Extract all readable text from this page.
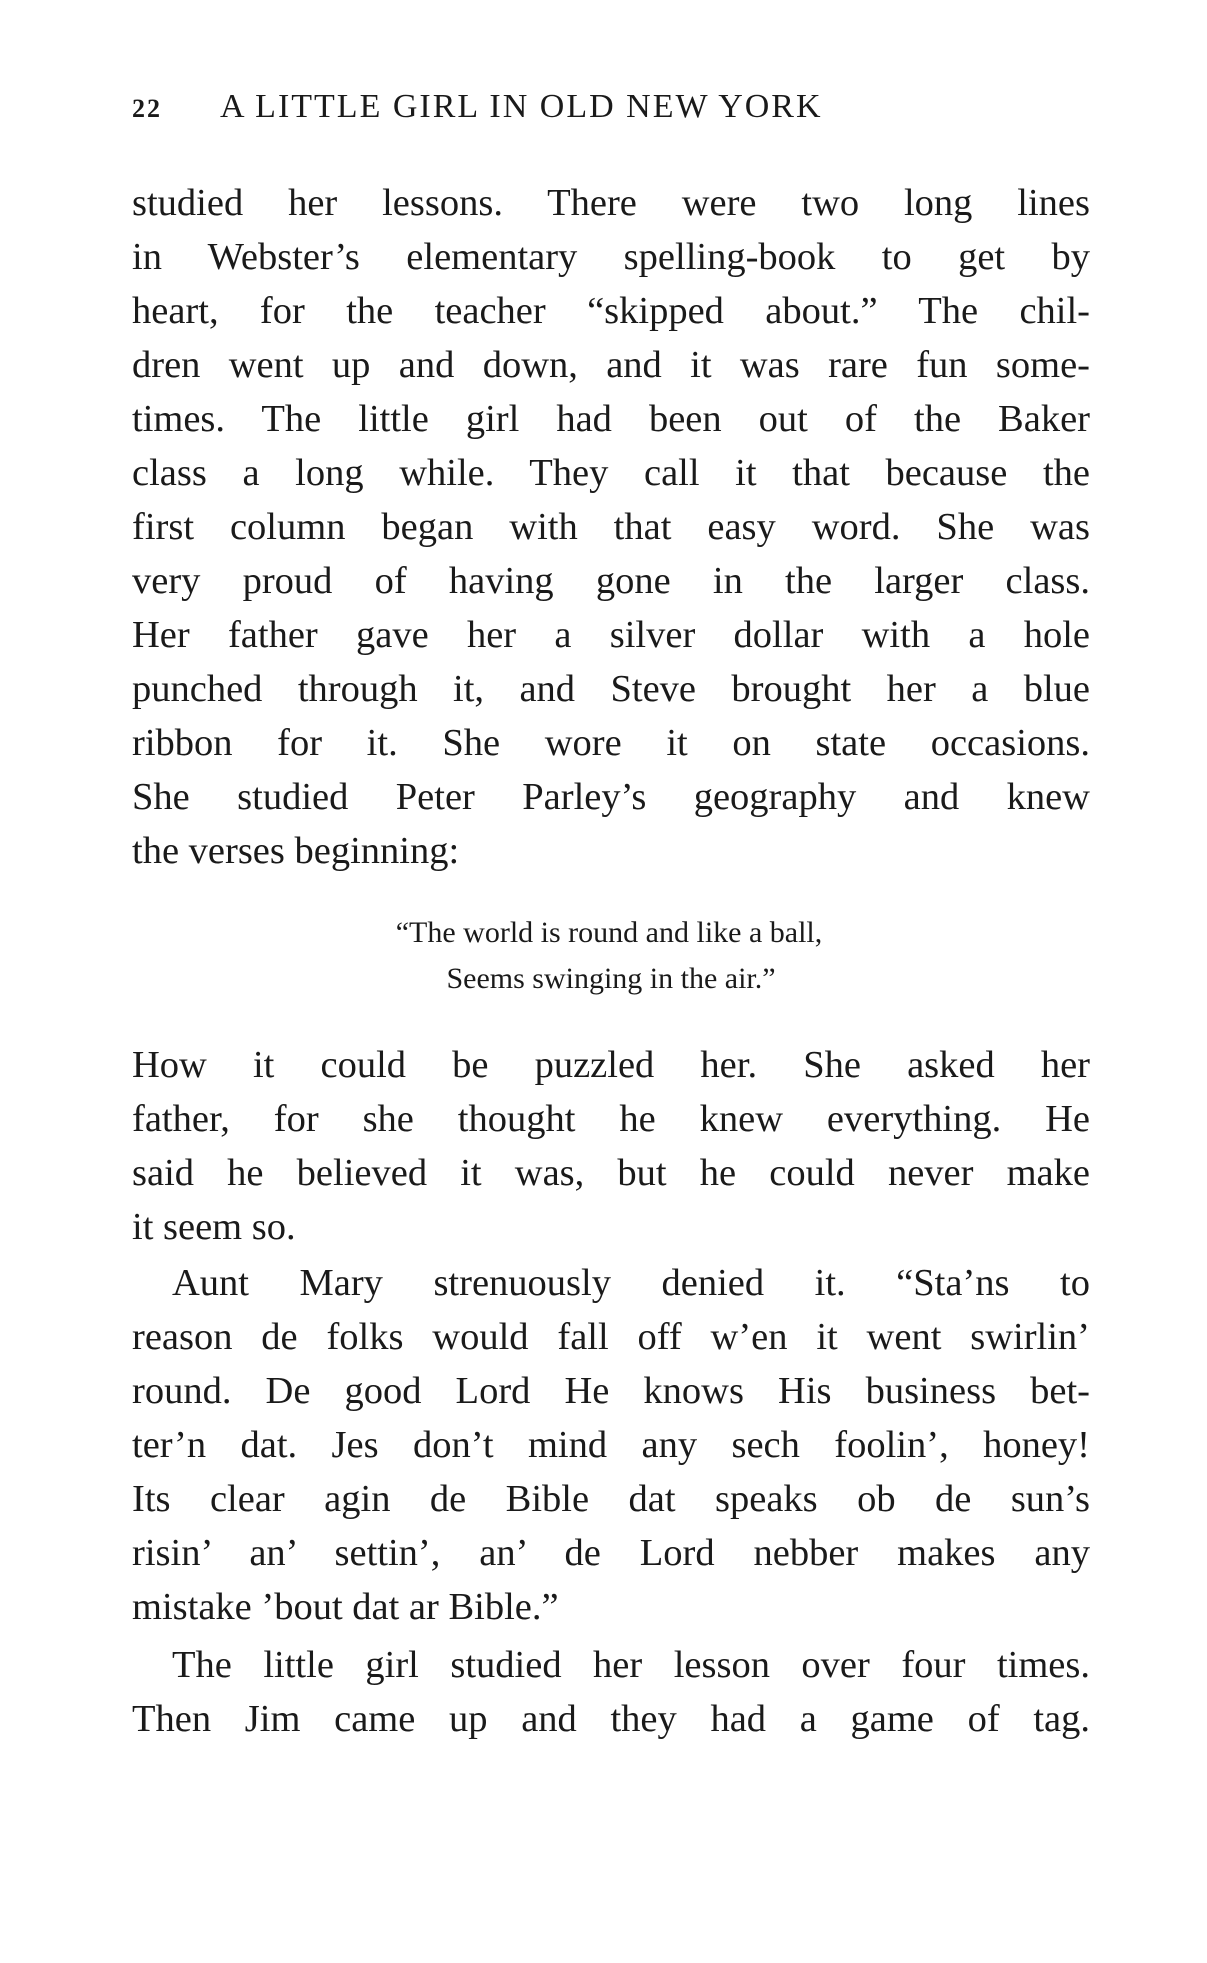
22 A LITTLE GIRL IN OLD NEW YORK
studied her lessons. There were two long lines
in Webster’s elementary spelling-book to get by
heart, for the teacher “skipped about.” The chil-
dren went up and down, and it was rare fun some-
times. The little girl had been out of the Baker
class a long while. They call it that because the
first column began with that easy word. She was
very proud of having gone in the larger class.
Her father gave her a silver dollar with a hole
punched through it, and Steve brought her a blue
ribbon for it. She wore it on state occasions.
She studied Peter Parley’s geography and knew
the verses beginning:
“The world is round and like a ball,
Seems swinging in the air.”
How it could be puzzled her. She asked her
father, for she thought he knew everything. He
said he believed it was, but he could never make
it seem so.
Aunt Mary strenuously denied it. “Sta’ns to
reason de folks would fall off w’en it went swirlin’
round. De good Lord He knows His business bet-
ter’n dat. Jes don’t mind any sech foolin’, honey!
Its clear agin de Bible dat speaks ob de sun’s
risin’ an’ settin’, an’ de Lord nebber makes any
mistake ’bout dat ar Bible.”
The little girl studied her lesson over four times.
Then Jim came up and they had a game of tag.
